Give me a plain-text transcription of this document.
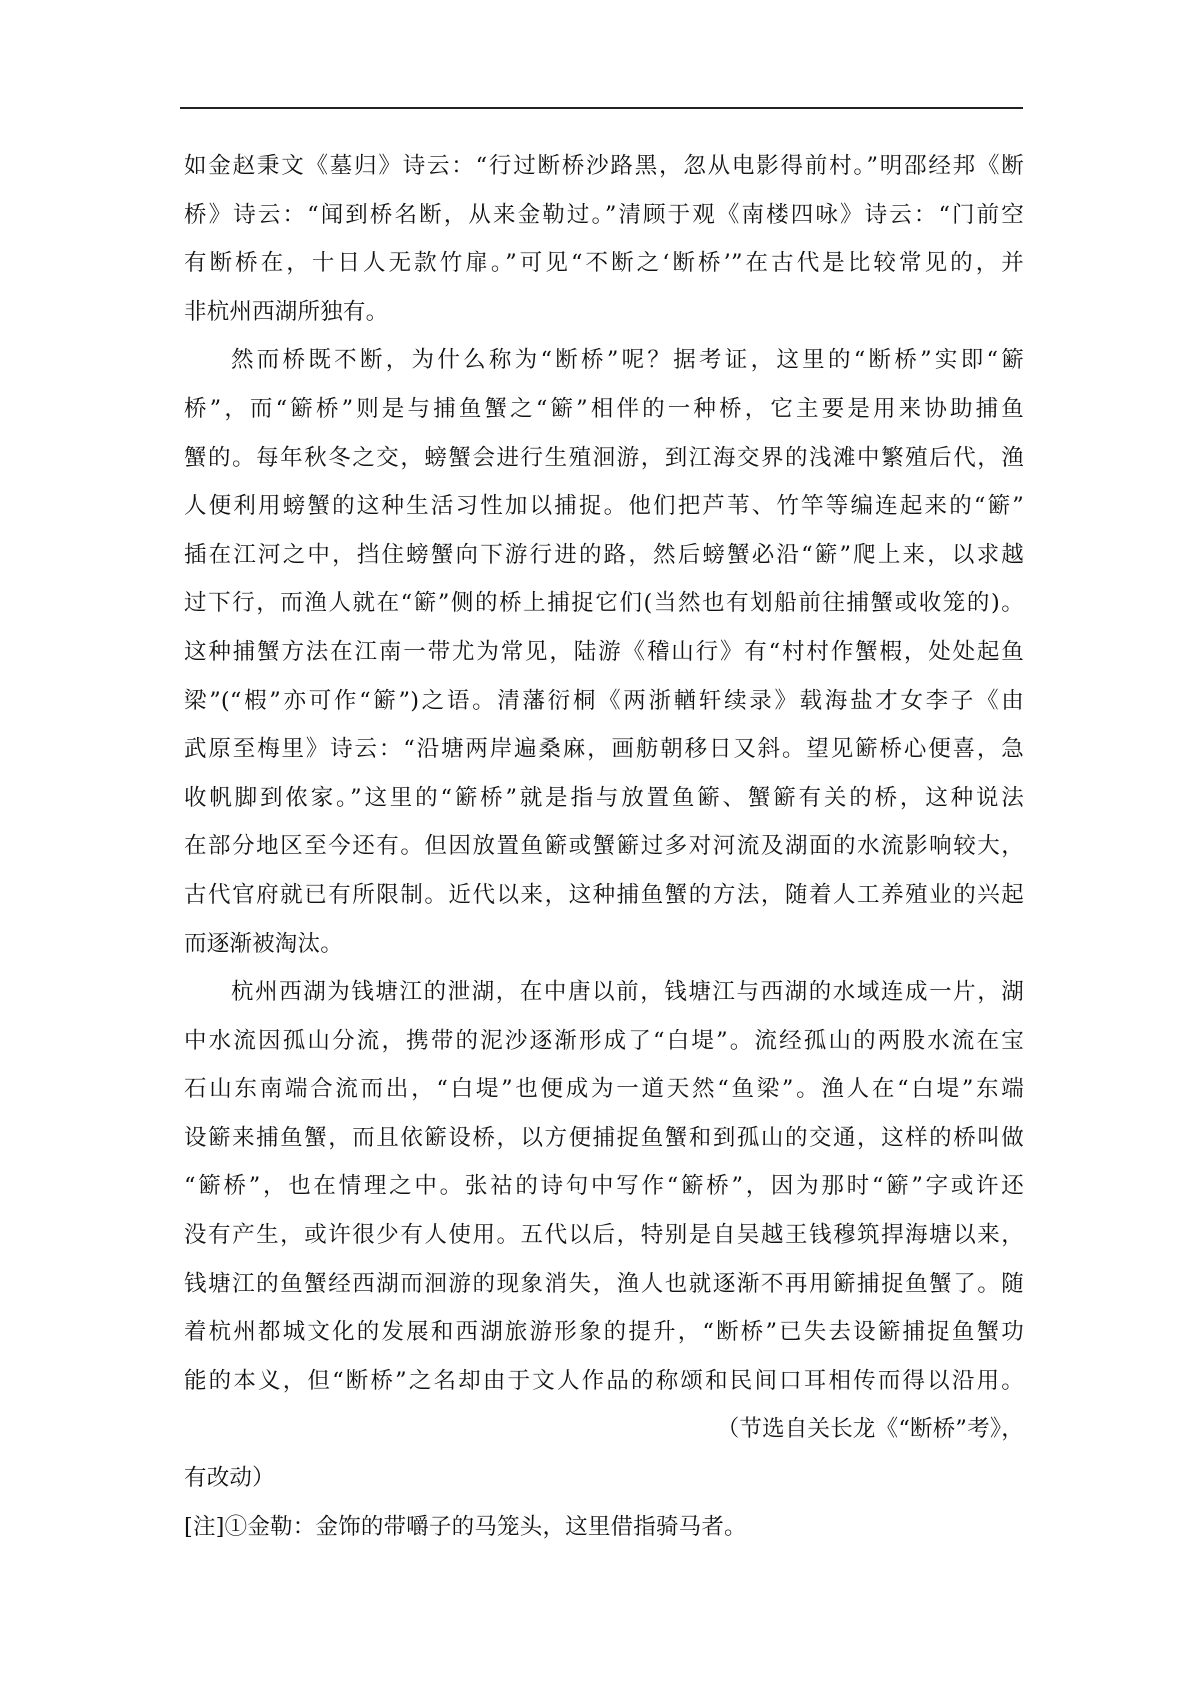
如金赵秉文《墓归》诗云：“行过断桥沙路黑，忽从电影得前村。”明邵经邦《断
桥》诗云：“闻到桥名断，从来金勒过。”清顾于观《南楼四咏》诗云：“门前空
有断桥在，十日人无款竹扉。”可见“不断之‘断桥’”在古代是比较常见的，并
非杭州西湖所独有。
然而桥既不断，为什么称为“断桥”呢？据考证，这里的“断桥”实即“簖
桥”，而“簖桥”则是与捕鱼蟹之“簖”相伴的一种桥，它主要是用来协助捕鱼
蟹的。每年秋冬之交，螃蟹会进行生殖洄游，到江海交界的浅滩中繁殖后代，渔
人便利用螃蟹的这种生活习性加以捕捉。他们把芦苇、竹竿等编连起来的“簖”
插在江河之中，挡住螃蟹向下游行进的路，然后螃蟹必沿“簖”爬上来，以求越
过下行，而渔人就在“簖”侧的桥上捕捉它们(当然也有划船前往捕蟹或收笼的)。
这种捕蟹方法在江南一带尤为常见，陆游《稽山行》有“村村作蟹椵，处处起鱼
梁”(“椵”亦可作“簖”)之语。清藩衍桐《两浙輶轩续录》载海盐才女李子《由
武原至梅里》诗云：“沿塘两岸遍桑麻，画舫朝移日又斜。望见簖桥心便喜，急
收帆脚到侬家。”这里的“簖桥”就是指与放置鱼簖、蟹簖有关的桥，这种说法
在部分地区至今还有。但因放置鱼簖或蟹簖过多对河流及湖面的水流影响较大，
古代官府就已有所限制。近代以来，这种捕鱼蟹的方法，随着人工养殖业的兴起
而逐渐被淘汰。
杭州西湖为钱塘江的泄湖，在中唐以前，钱塘江与西湖的水域连成一片，湖
中水流因孤山分流，携带的泥沙逐渐形成了“白堤”。流经孤山的两股水流在宝
石山东南端合流而出，“白堤”也便成为一道天然“鱼梁”。渔人在“白堤”东端
设簖来捕鱼蟹，而且依簖设桥，以方便捕捉鱼蟹和到孤山的交通，这样的桥叫做
“簖桥”，也在情理之中。张祜的诗句中写作“簖桥”，因为那时“簖”字或许还
没有产生，或许很少有人使用。五代以后，特别是自吴越王钱穆筑捍海塘以来，
钱塘江的鱼蟹经西湖而洄游的现象消失，渔人也就逐渐不再用簖捕捉鱼蟹了。随
着杭州都城文化的发展和西湖旅游形象的提升，“断桥”已失去设簖捕捉鱼蟹功
能的本义，但“断桥”之名却由于文人作品的称颂和民间口耳相传而得以沿用。
（节选自关长龙《“断桥”考》，
有改动）
[注]①金勒：金饰的带嚼子的马笼头，这里借指骑马者。
